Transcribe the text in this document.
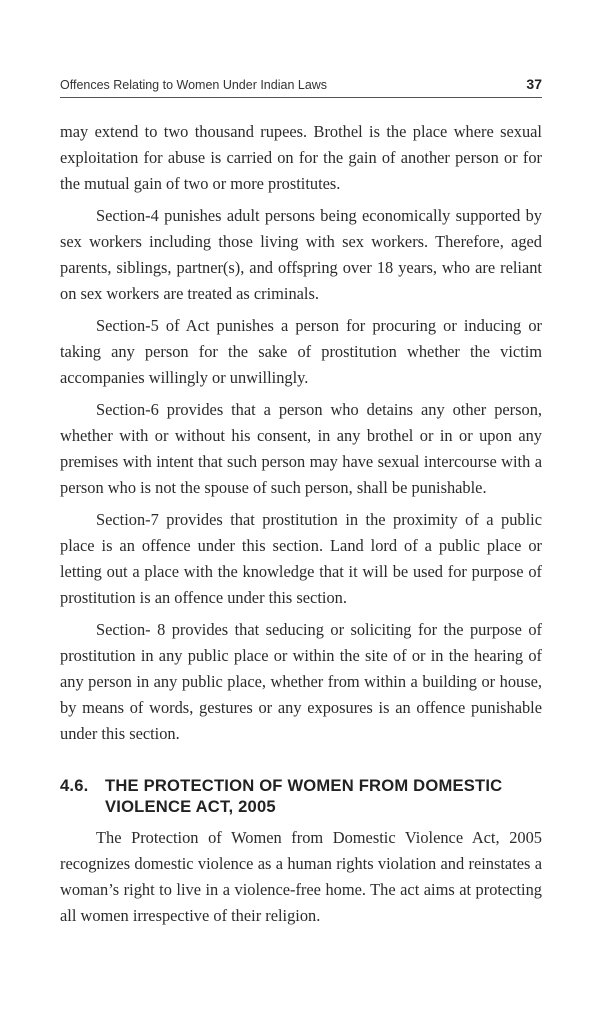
Offences Relating to Women Under Indian Laws	37

may extend to two thousand rupees. Brothel is the place where sexual exploitation for abuse is carried on for the gain of another person or for the mutual gain of two or more prostitutes.

Section-4 punishes adult persons being economically supported by sex workers including those living with sex workers. Therefore, aged parents, siblings, partner(s), and offspring over 18 years, who are reliant on sex workers are treated as criminals.

Section-5 of Act punishes a person for procuring or inducing or taking any person for the sake of prostitution whether the victim accompanies willingly or unwillingly.

Section-6 provides that a person who detains any other person, whether with or without his consent, in any brothel or in or upon any premises with intent that such person may have sexual intercourse with a person who is not the spouse of such person, shall be punishable.

Section-7 provides that prostitution in the proximity of a public place is an offence under this section. Land lord of a public place or letting out a place with the knowledge that it will be used for purpose of prostitution is an offence under this section.

Section- 8 provides that seducing or soliciting for the purpose of prostitution in any public place or within the site of or in the hearing of any person in any public place, whether from within a building or house, by means of words, gestures or any exposures is an offence punishable under this section.

4.6. THE PROTECTION OF WOMEN FROM DOMESTIC VIOLENCE ACT, 2005

The Protection of Women from Domestic Violence Act, 2005 recognizes domestic violence as a human rights violation and reinstates a woman’s right to live in a violence-free home. The act aims at protecting all women irrespective of their religion.
